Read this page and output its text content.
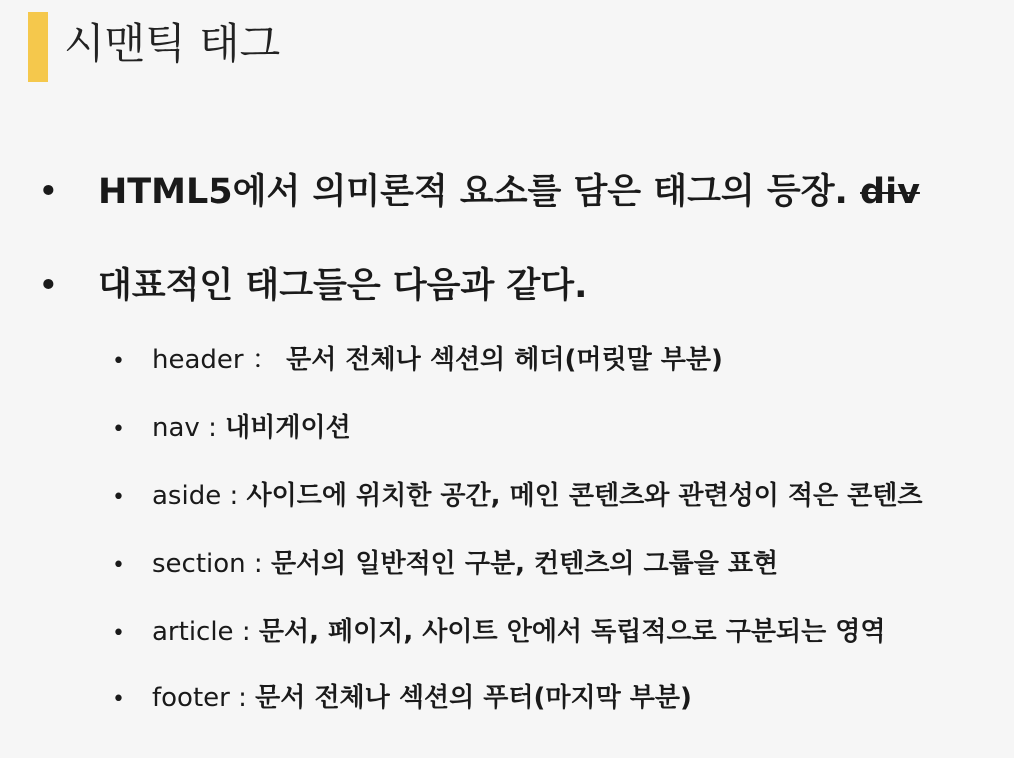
시맨틱 태그
• HTML5에서 의미론적 요소를 담은 태그의 등장. div
• 대표적인 태그들은 다음과 같다.
• header ： 문서 전체나 섹션의 헤더(머릿말 부분)
• nav : 내비게이션
• aside : 사이드에 위치한 공간, 메인 콘텐츠와 관련성이 적은 콘텐츠
• section : 문서의 일반적인 구분, 컨텐츠의 그룹을 표현
• article : 문서, 페이지, 사이트 안에서 독립적으로 구분되는 영역
• footer : 문서 전체나 섹션의 푸터(마지막 부분)
